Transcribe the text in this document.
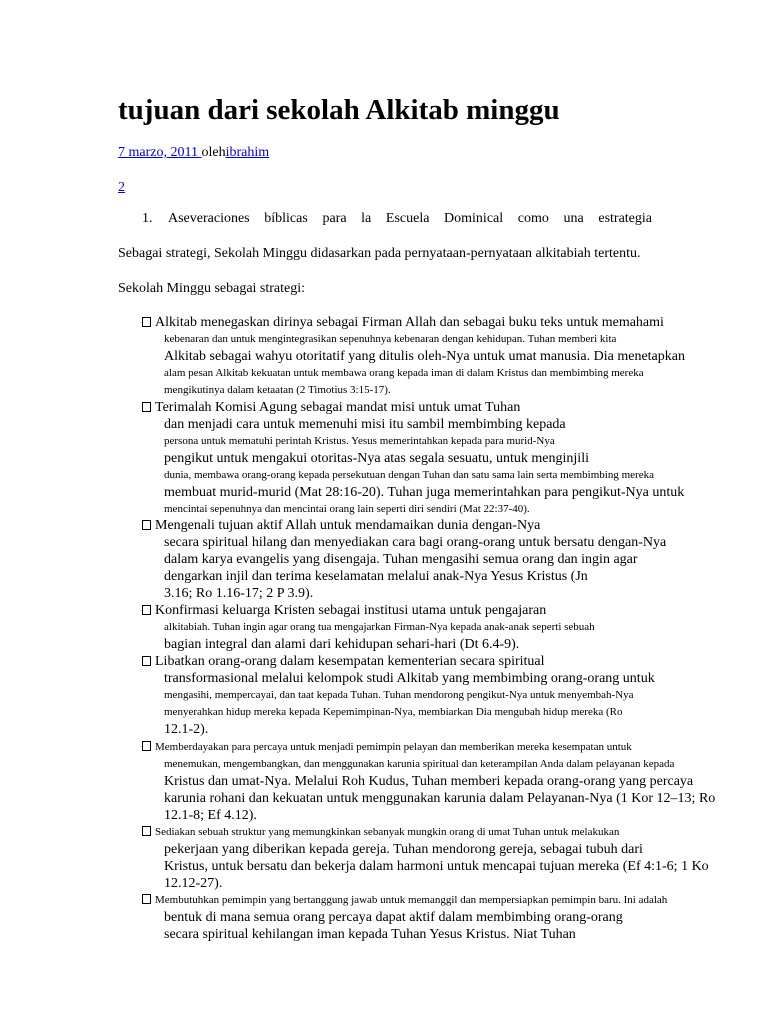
tujuan dari sekolah Alkitab minggu
7 marzo, 2011 olehibrahim
2
1.	Aseveraciones bíblicas para la Escuela Dominical como una estrategia
Sebagai strategi, Sekolah Minggu didasarkan pada pernyataan-pernyataan alkitabiah tertentu.
Sekolah Minggu sebagai strategi:
Alkitab menegaskan dirinya sebagai Firman Allah dan sebagai buku teks untuk memahami
kebenaran dan untuk mengintegrasikan sepenuhnya kebenaran dengan kehidupan. Tuhan memberi kita
Alkitab sebagai wahyu otoritatif yang ditulis oleh-Nya untuk umat manusia. Dia menetapkan
alam pesan Alkitab kekuatan untuk membawa orang kepada iman di dalam Kristus dan membimbing mereka
mengikutinya dalam ketaatan (2 Timotius 3:15-17).
Terimalah Komisi Agung sebagai mandat misi untuk umat Tuhan
dan menjadi cara untuk memenuhi misi itu sambil membimbing kepada
persona untuk mematuhi perintah Kristus. Yesus memerintahkan kepada para murid-Nya
pengikut untuk mengakui otoritas-Nya atas segala sesuatu, untuk menginjili
dunia, membawa orang-orang kepada persekutuan dengan Tuhan dan satu sama lain serta membimbing mereka
membuat murid-murid (Mat 28:16-20). Tuhan juga memerintahkan para pengikut-Nya untuk
mencintai sepenuhnya dan mencintai orang lain seperti diri sendiri (Mat 22:37-40).
Mengenali tujuan aktif Allah untuk mendamaikan dunia dengan-Nya
secara spiritual hilang dan menyediakan cara bagi orang-orang untuk bersatu dengan-Nya
dalam karya evangelis yang disengaja. Tuhan mengasihi semua orang dan ingin agar
dengarkan injil dan terima keselamatan melalui anak-Nya Yesus Kristus (Jn
3.16; Ro 1.16-17; 2 P 3.9).
Konfirmasi keluarga Kristen sebagai institusi utama untuk pengajaran
alkitabiah. Tuhan ingin agar orang tua mengajarkan Firman-Nya kepada anak-anak seperti sebuah
bagian integral dan alami dari kehidupan sehari-hari (Dt 6.4-9).
Libatkan orang-orang dalam kesempatan kementerian secara spiritual
transformasional melalui kelompok studi Alkitab yang membimbing orang-orang untuk
mengasihi, mempercayai, dan taat kepada Tuhan. Tuhan mendorong pengikut-Nya untuk menyembah-Nya
menyerahkan hidup mereka kepada Kepemimpinan-Nya, membiarkan Dia mengubah hidup mereka (Ro
12.1-2).
Memberdayakan para percaya untuk menjadi pemimpin pelayan dan memberikan mereka kesempatan untuk
menemukan, mengembangkan, dan menggunakan karunia spiritual dan keterampilan Anda dalam pelayanan kepada
Kristus dan umat-Nya. Melalui Roh Kudus, Tuhan memberi kepada orang-orang yang percaya
karunia rohani dan kekuatan untuk menggunakan karunia dalam Pelayanan-Nya (1 Kor 12–13; Ro
12.1-8; Ef 4.12).
Sediakan sebuah struktur yang memungkinkan sebanyak mungkin orang di umat Tuhan untuk melakukan
pekerjaan yang diberikan kepada gereja. Tuhan mendorong gereja, sebagai tubuh dari
Kristus, untuk bersatu dan bekerja dalam harmoni untuk mencapai tujuan mereka (Ef 4:1-6; 1 Ko
12.12-27).
Membutuhkan pemimpin yang bertanggung jawab untuk memanggil dan mempersiapkan pemimpin baru. Ini adalah
bentuk di mana semua orang percaya dapat aktif dalam membimbing orang-orang
secara spiritual kehilangan iman kepada Tuhan Yesus Kristus. Niat Tuhan
